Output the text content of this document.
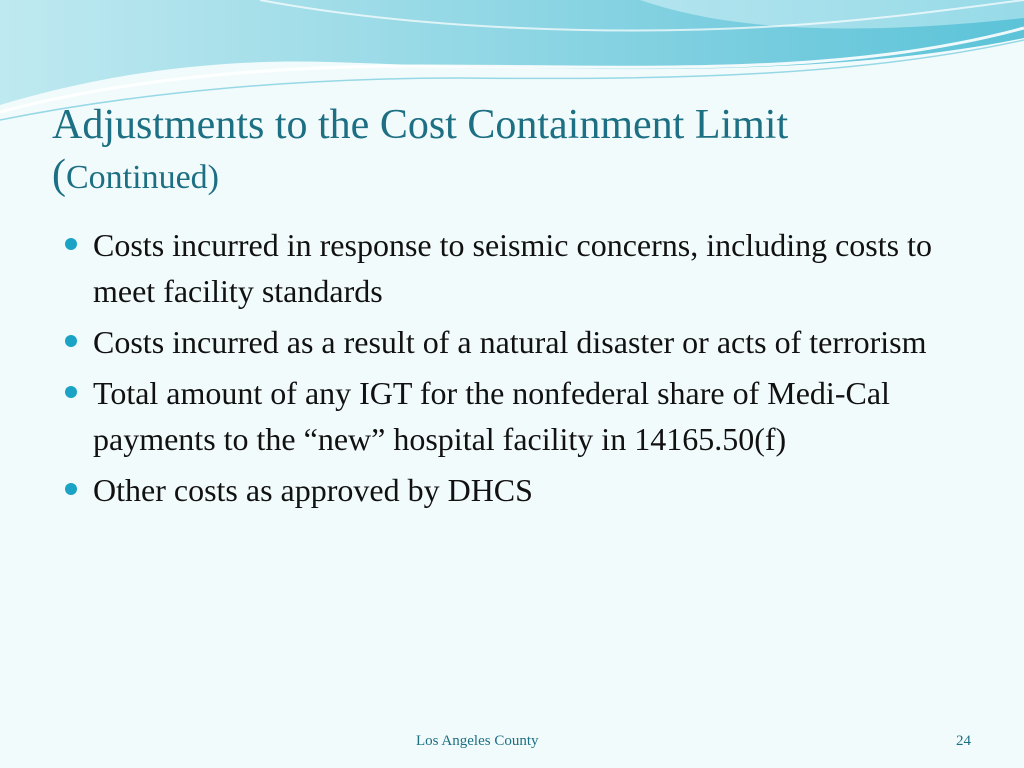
Adjustments to the Cost Containment Limit
(Continued)
Costs incurred in response to seismic concerns, including costs to meet facility standards
Costs incurred as a result of a natural disaster or acts of terrorism
Total amount of any IGT for the nonfederal share of Medi-Cal payments to the “new” hospital facility in 14165.50(f)
Other costs as approved by DHCS
Los Angeles County	24
